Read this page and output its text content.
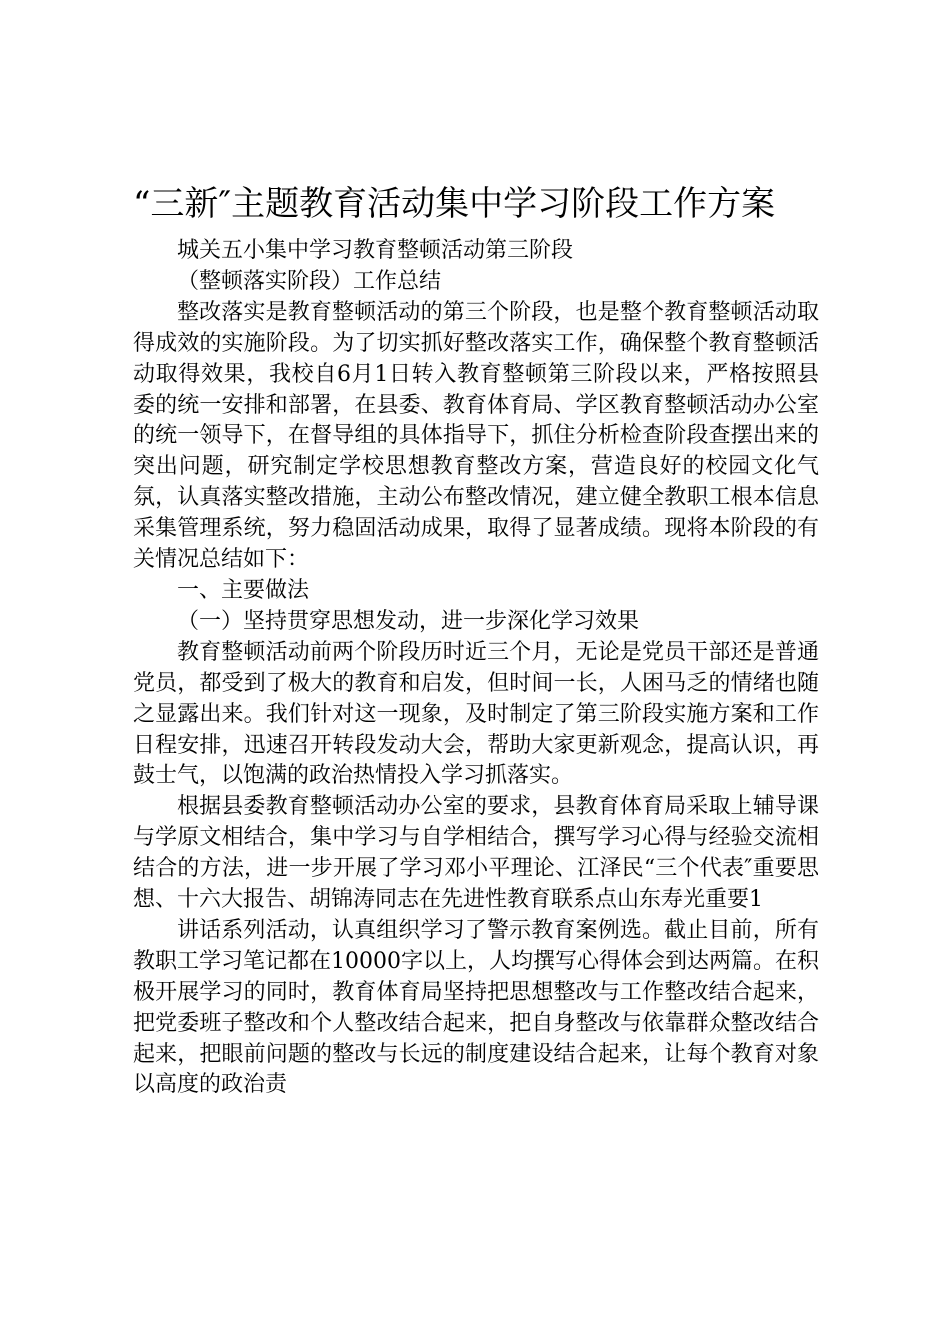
“三新″主题教育活动集中学习阶段工作方案

城关五小集中学习教育整顿活动第三阶段

（整顿落实阶段）工作总结

整改落实是教育整顿活动的第三个阶段，也是整个教育整顿活动取得成效的实施阶段。为了切实抓好整改落实工作，确保整个教育整顿活动取得效果，我校自6月1日转入教育整顿第三阶段以来，严格按照县委的统一安排和部署，在县委、教育体育局、学区教育整顿活动办公室的统一领导下，在督导组的具体指导下，抓住分析检查阶段查摆出来的突出问题，研究制定学校思想教育整改方案，营造良好的校园文化气氛，认真落实整改措施，主动公布整改情况，建立健全教职工根本信息采集管理系统，努力稳固活动成果，取得了显著成绩。现将本阶段的有关情况总结如下：

一、主要做法

（一）坚持贯穿思想发动，进一步深化学习效果

教育整顿活动前两个阶段历时近三个月，无论是党员干部还是普通党员，都受到了极大的教育和启发，但时间一长，人困马乏的情绪也随之显露出来。我们针对这一现象，及时制定了第三阶段实施方案和工作日程安排，迅速召开转段发动大会，帮助大家更新观念，提高认识，再鼓士气，以饱满的政治热情投入学习抓落实。

根据县委教育整顿活动办公室的要求，县教育体育局采取上辅导课与学原文相结合，集中学习与自学相结合，撰写学习心得与经验交流相结合的方法，进一步开展了学习邓小平理论、江泽民“三个代表″重要思想、十六大报告、胡锦涛同志在先进性教育联系点山东寿光重要1

讲话系列活动，认真组织学习了警示教育案例选。截止目前，所有教职工学习笔记都在10000字以上，人均撰写心得体会到达两篇。在积极开展学习的同时，教育体育局坚持把思想整改与工作整改结合起来，把党委班子整改和个人整改结合起来，把自身整改与依靠群众整改结合起来，把眼前问题的整改与长远的制度建设结合起来，让每个教育对象以高度的政治责
